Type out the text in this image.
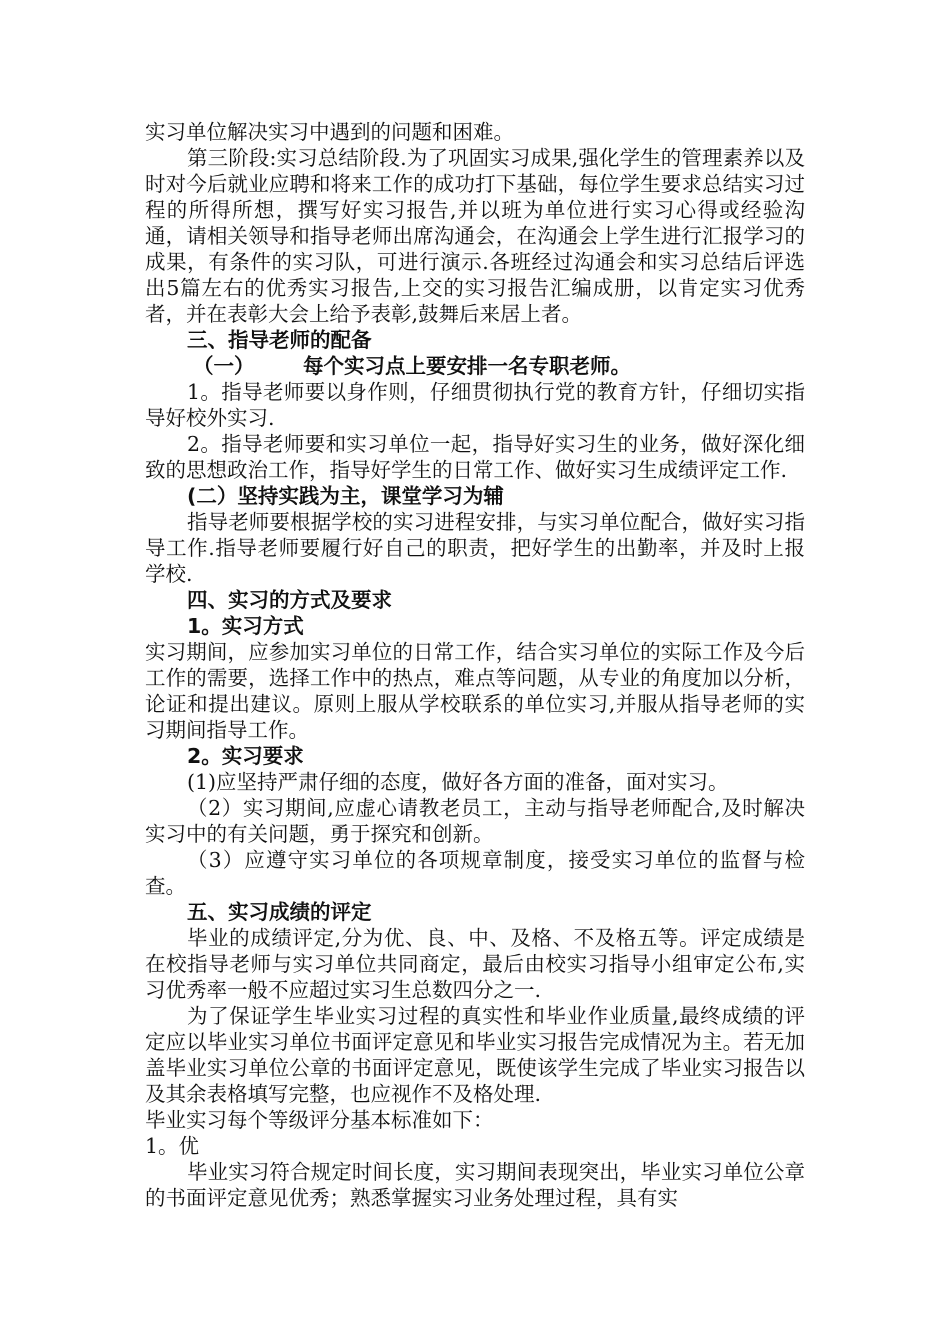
实习单位解决实习中遇到的问题和困难。

第三阶段:实习总结阶段.为了巩固实习成果,强化学生的管理素养以及时对今后就业应聘和将来工作的成功打下基础，每位学生要求总结实习过程的所得所想，撰写好实习报告,并以班为单位进行实习心得或经验沟通，请相关领导和指导老师出席沟通会，在沟通会上学生进行汇报学习的成果，有条件的实习队，可进行演示.各班经过沟通会和实习总结后评选出5篇左右的优秀实习报告,上交的实习报告汇编成册，以肯定实习优秀者，并在表彰大会上给予表彰,鼓舞后来居上者。

三、指导老师的配备

（一） 每个实习点上要安排一名专职老师。

1。指导老师要以身作则，仔细贯彻执行党的教育方针，仔细切实指导好校外实习.

2。指导老师要和实习单位一起，指导好实习生的业务，做好深化细致的思想政治工作，指导好学生的日常工作、做好实习生成绩评定工作.

(二）坚持实践为主，课堂学习为辅

指导老师要根据学校的实习进程安排，与实习单位配合，做好实习指导工作.指导老师要履行好自己的职责，把好学生的出勤率，并及时上报学校.

四、实习的方式及要求

1。实习方式

实习期间，应参加实习单位的日常工作，结合实习单位的实际工作及今后工作的需要，选择工作中的热点，难点等问题，从专业的角度加以分析，论证和提出建议。原则上服从学校联系的单位实习,并服从指导老师的实习期间指导工作。

2。实习要求

(1)应坚持严肃仔细的态度，做好各方面的准备，面对实习。

（2）实习期间,应虚心请教老员工，主动与指导老师配合,及时解决实习中的有关问题，勇于探究和创新。

（3）应遵守实习单位的各项规章制度，接受实习单位的监督与检查。

五、实习成绩的评定

毕业的成绩评定,分为优、良、中、及格、不及格五等。评定成绩是在校指导老师与实习单位共同商定，最后由校实习指导小组审定公布,实习优秀率一般不应超过实习生总数四分之一.

为了保证学生毕业实习过程的真实性和毕业作业质量,最终成绩的评定应以毕业实习单位书面评定意见和毕业实习报告完成情况为主。若无加盖毕业实习单位公章的书面评定意见，既使该学生完成了毕业实习报告以及其余表格填写完整，也应视作不及格处理.

毕业实习每个等级评分基本标准如下：

1。优

毕业实习符合规定时间长度，实习期间表现突出，毕业实习单位公章的书面评定意见优秀；熟悉掌握实习业务处理过程，具有实
